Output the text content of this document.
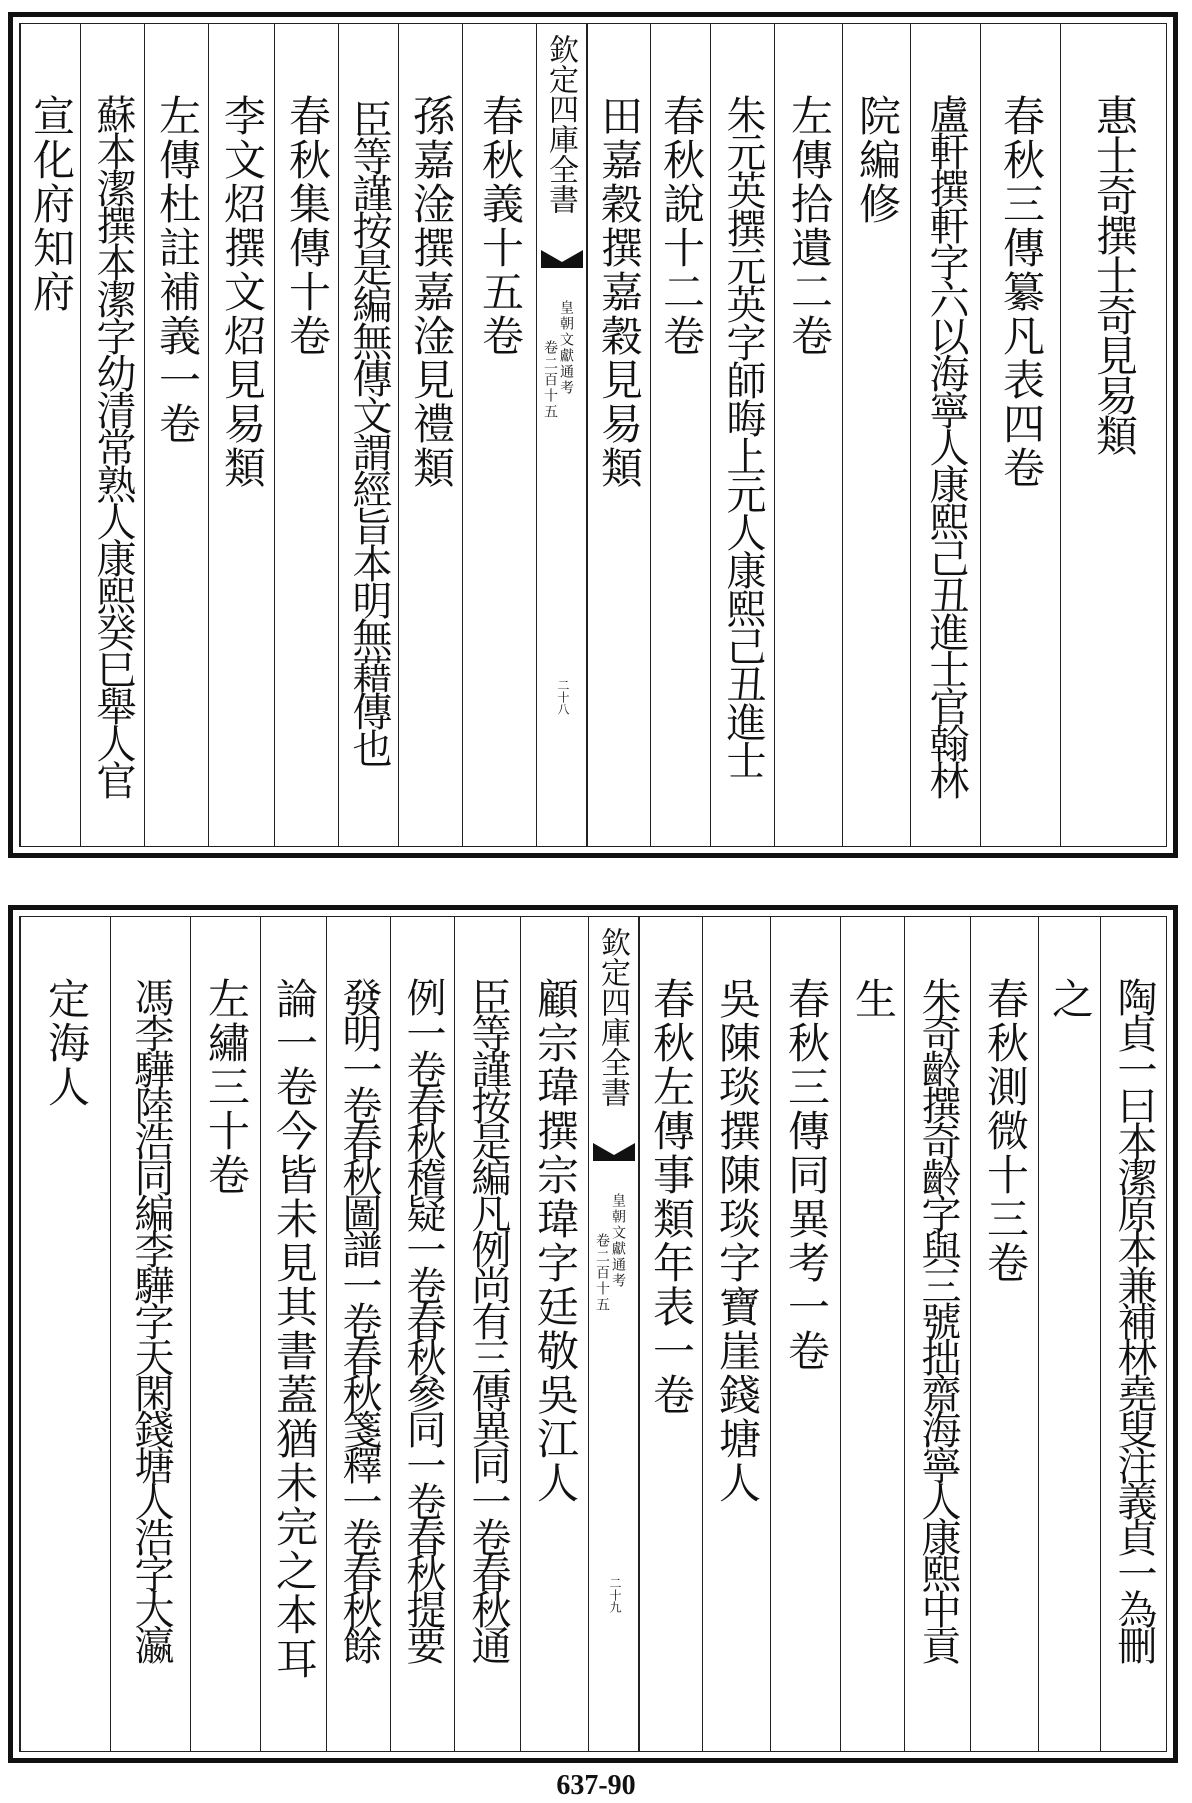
惠士奇撰士奇見易類
春秋三傳纂凡表四卷
盧軒撰軒字六以海寧人康熙己丑進士官翰林
院編修
左傳拾遺二卷
朱元英撰元英字師晦上元人康熙己丑進士
春秋說十二卷
田嘉穀撰嘉穀見易類
欽定四庫全書
皇朝文獻通考
卷二百十五
二十八
春秋義十五卷
孫嘉淦撰嘉淦見禮類
臣等謹按是編無傳文謂經旨本明無藉傳也
春秋集傳十卷
李文炤撰文炤見易類
左傳杜註補義一卷
蘇本潔撰本潔字幼清常熟人康熙癸巳舉人官
宣化府知府
陶貞一曰本潔原本兼補林堯叟注義貞一為刪
之
春秋測微十三卷
朱奇齡撰奇齡字與三號拙齋海寧人康熙中貢
生
春秋三傳同異考一卷
吳陳琰撰陳琰字寶崖錢塘人
春秋左傳事類年表一卷
欽定四庫全書
皇朝文獻通考
卷二百十五
二十九
顧宗瑋撰宗瑋字廷敬吳江人
臣等謹按是編凡例尚有三傳異同一卷春秋通
例一卷春秋稽疑一卷春秋參同一卷春秋提要
發明一卷春秋圖譜一卷春秋箋釋一卷春秋餘
論一卷今皆未見其書蓋猶未完之本耳
左繡三十卷
馮李驊陸浩同編李驊字天閑錢塘人浩字大瀛
定海人
637-90
